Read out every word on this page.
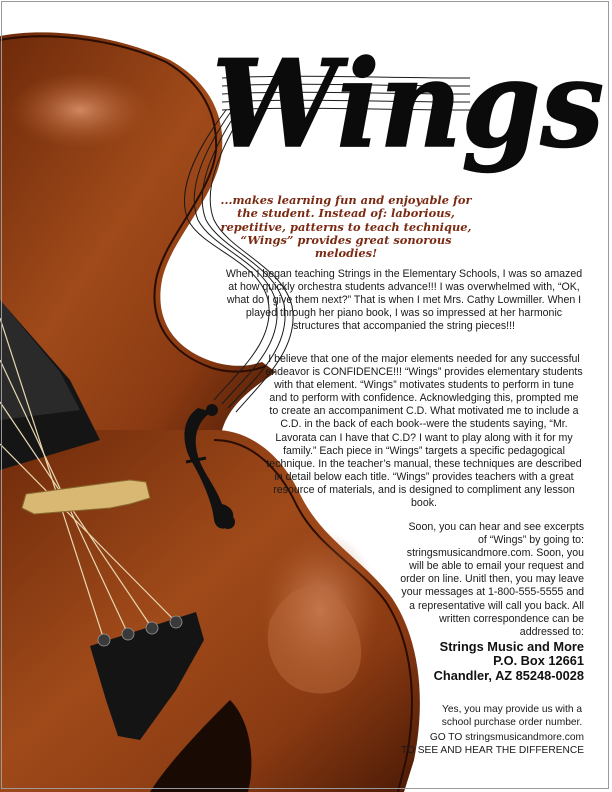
Wings

...makes learning fun and enjoyable for the student. Instead of: laborious, repetitive, patterns to teach technique, “Wings” provides great sonorous melodies!

When I began teaching Strings in the Elementary Schools, I was so amazed at how quickly orchestra students advance!!! I was overwhelmed with, “OK, what do I give them next?” That is when I met Mrs. Cathy Lowmiller. When I played through her piano book, I was so impressed at her harmonic structures that accompanied the string pieces!!!

I believe that one of the major elements needed for any successful endeavor is CONFIDENCE!!! “Wings” provides elementary students with that element. “Wings” motivates students to perform in tune and to perform with confidence. Acknowledging this, prompted me to create an accompaniment C.D. What motivated me to include a C.D. in the back of each book--were the students saying, “Mr. Lavorata can I have that C.D? I want to play along with it for my family.” Each piece in “Wings” targets a specific pedagogical technique. In the teacher’s manual, these techniques are described in detail below each title. “Wings” provides teachers with a great resource of materials, and is designed to compliment any lesson book.

Soon, you can hear and see excerpts of “Wings” by going to: stringsmusicandmore.com. Soon, you will be able to email your request and order on line. Unitl then, you may leave your messages at 1-800-555-5555 and a representative will call you back. All written correspondence can be addressed to:

Strings Music and More
P.O. Box 12661
Chandler, AZ 85248-0028
Yes, you may provide us with a school purchase order number.
GO TO stringsmusicandmore.com
TO SEE AND HEAR THE DIFFERENCE
